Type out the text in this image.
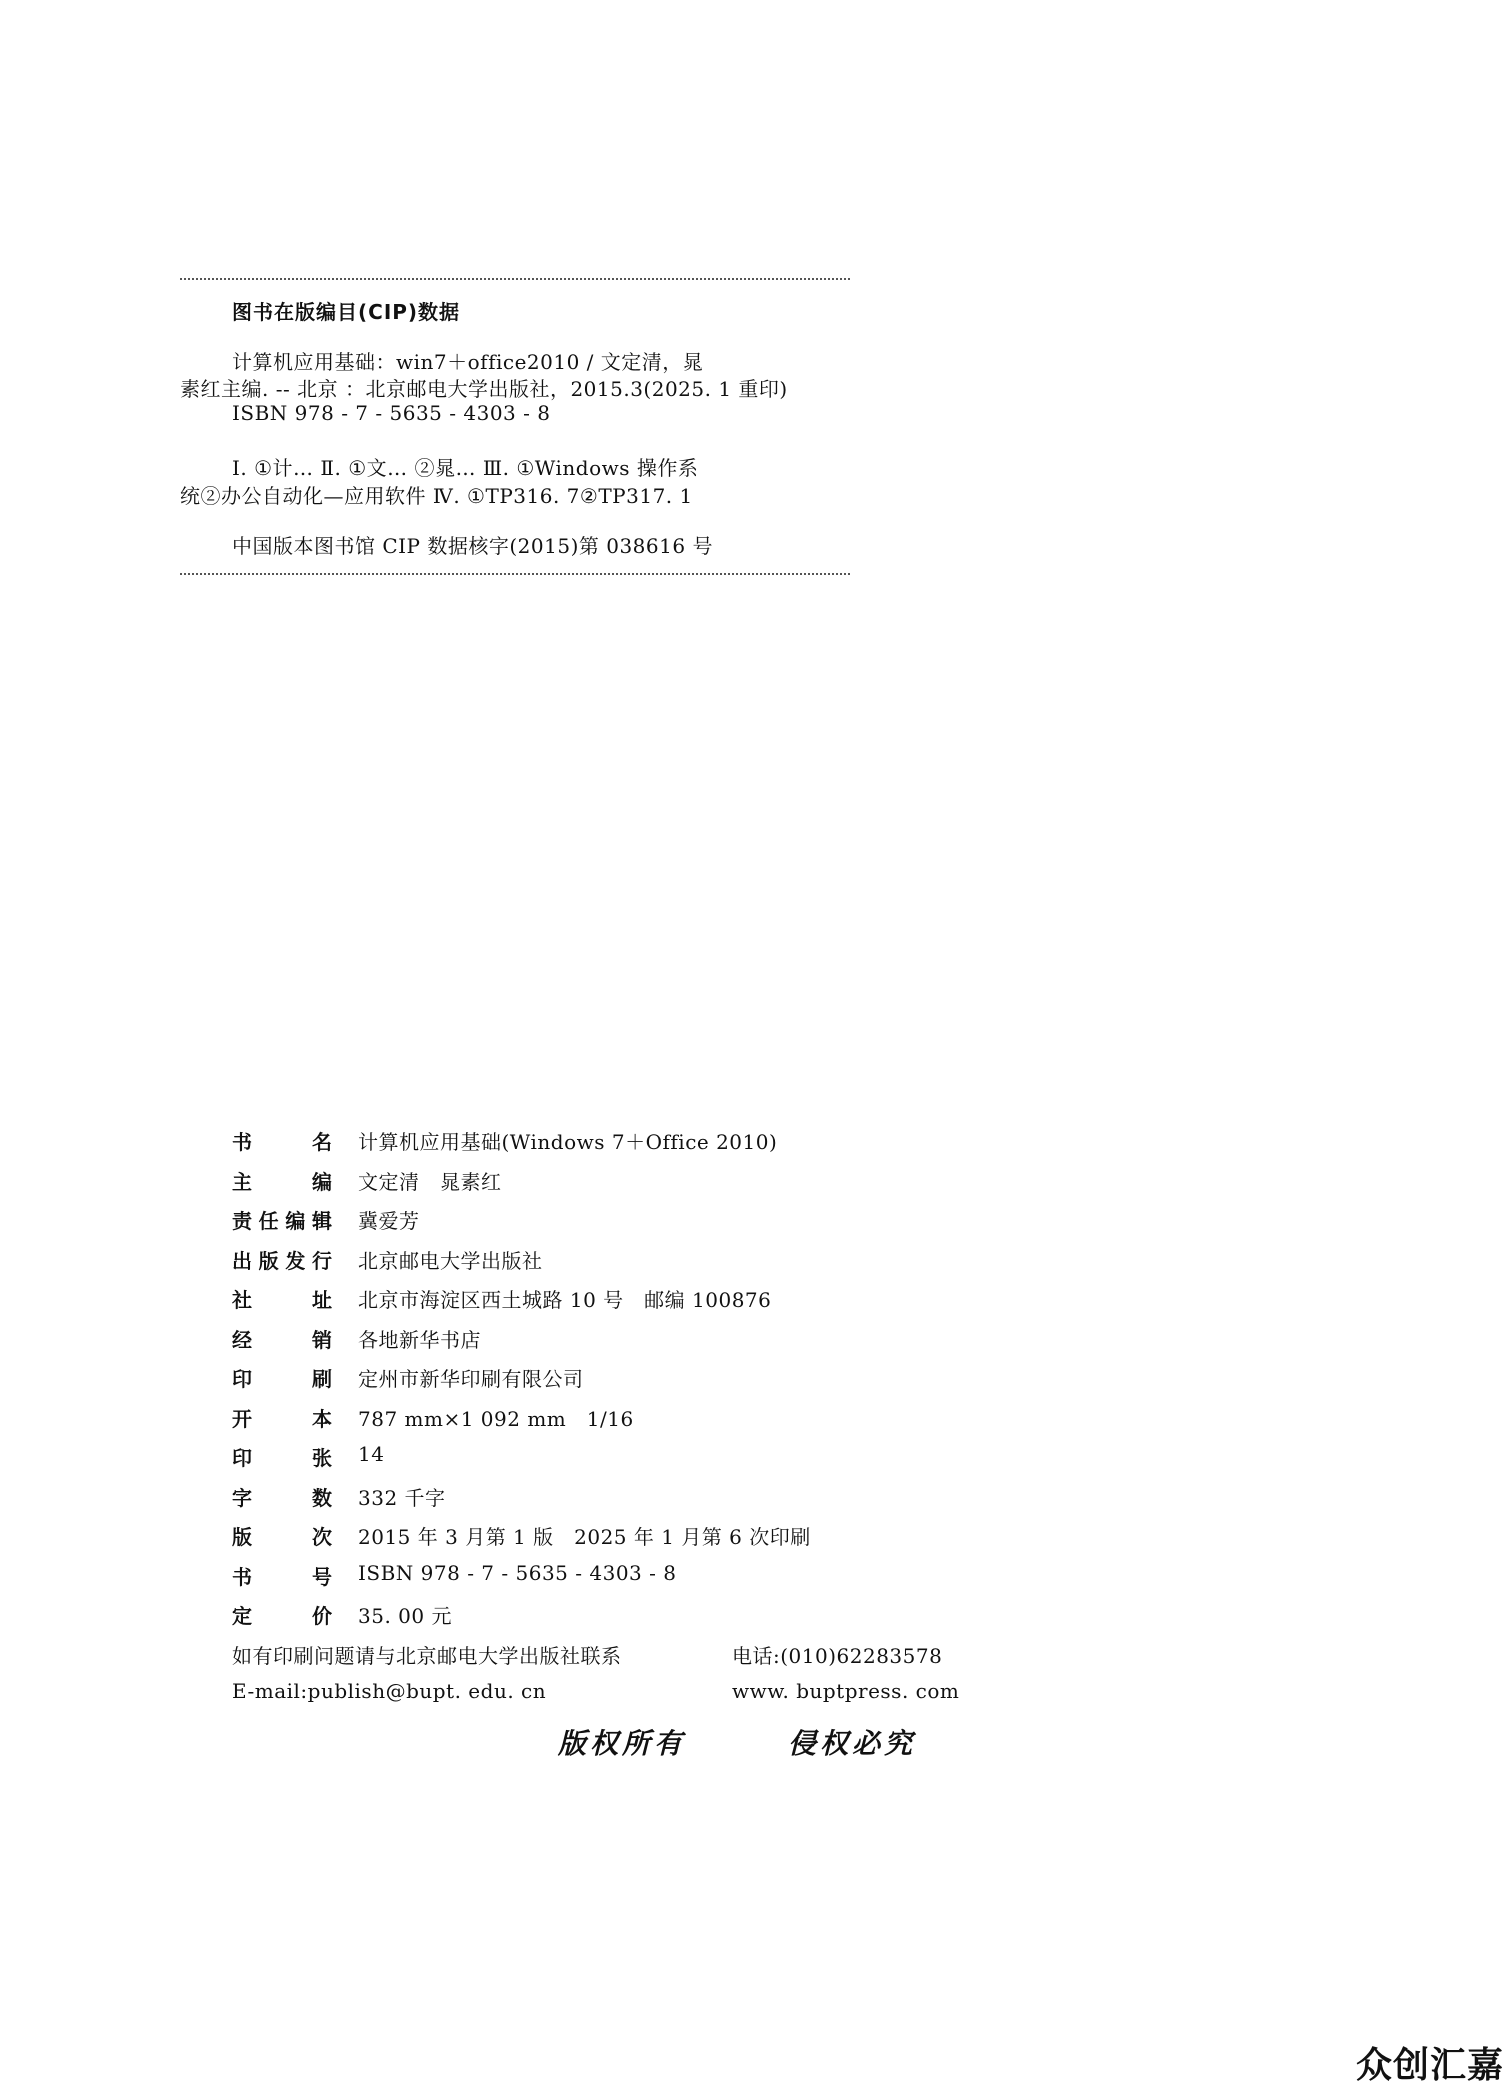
图书在版编目(CIP)数据
计算机应用基础：win7＋office2010 / 文定清，晁
素红主编. -- 北京 ：北京邮电大学出版社，2015.3(2025. 1 重印)
ISBN 978 - 7 - 5635 - 4303 - 8
Ⅰ. ①计… Ⅱ. ①文… ②晁… Ⅲ. ①Windows 操作系
统②办公自动化—应用软件 Ⅳ. ①TP316. 7②TP317. 1
中国版本图书馆 CIP 数据核字(2015)第 038616 号
书	名 计算机应用基础(Windows 7＋Office 2010)
主	编 文定清　晁素红
责 任 编 辑 冀爱芳
出 版 发 行 北京邮电大学出版社
社	址 北京市海淀区西土城路 10 号　邮编 100876
经	销 各地新华书店
印	刷 定州市新华印刷有限公司
开	本 787 mm×1 092 mm　1/16
印	张 14
字	数 332 千字
版	次 2015 年 3 月第 1 版　2025 年 1 月第 6 次印刷
书	号 ISBN 978 - 7 - 5635 - 4303 - 8
定	价 35. 00 元
如有印刷问题请与北京邮电大学出版社联系	电话:(010)62283578
E-mail:publish@bupt. edu. cn	www. buptpress. com
版权所有	侵权必究
众创汇嘉
